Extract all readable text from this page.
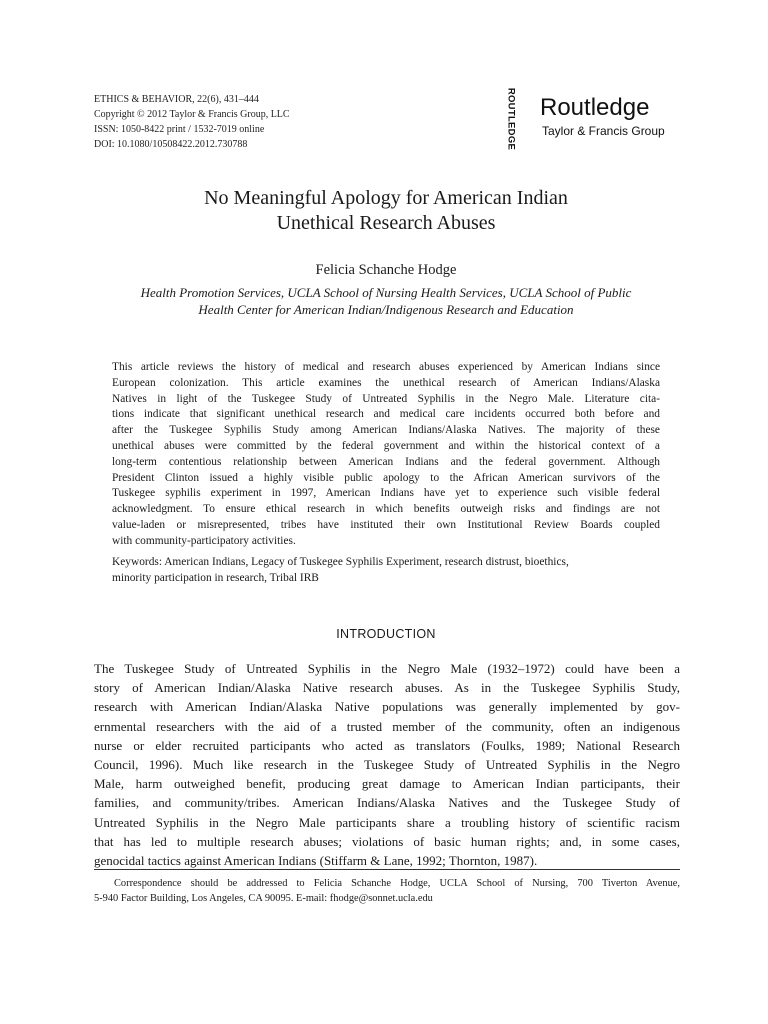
ETHICS & BEHAVIOR, 22(6), 431–444
Copyright © 2012 Taylor & Francis Group, LLC
ISSN: 1050-8422 print / 1532-7019 online
DOI: 10.1080/10508422.2012.730788	ROUTLEDGE Routledge
Taylor & Francis Group
No Meaningful Apology for American Indian
Unethical Research Abuses
Felicia Schanche Hodge
Health Promotion Services, UCLA School of Nursing Health Services, UCLA School of Public
Health Center for American Indian/Indigenous Research and Education
This article reviews the history of medical and research abuses experienced by American Indians since
European colonization. This article examines the unethical research of American Indians/Alaska
Natives in light of the Tuskegee Study of Untreated Syphilis in the Negro Male. Literature cita-
tions indicate that significant unethical research and medical care incidents occurred both before and
after the Tuskegee Syphilis Study among American Indians/Alaska Natives. The majority of these
unethical abuses were committed by the federal government and within the historical context of a
long-term contentious relationship between American Indians and the federal government. Although
President Clinton issued a highly visible public apology to the African American survivors of the
Tuskegee syphilis experiment in 1997, American Indians have yet to experience such visible federal
acknowledgment. To ensure ethical research in which benefits outweigh risks and findings are not
value-laden or misrepresented, tribes have instituted their own Institutional Review Boards coupled
with community-participatory activities.
Keywords: American Indians, Legacy of Tuskegee Syphilis Experiment, research distrust, bioethics,
minority participation in research, Tribal IRB
INTRODUCTION
The Tuskegee Study of Untreated Syphilis in the Negro Male (1932–1972) could have been a
story of American Indian/Alaska Native research abuses. As in the Tuskegee Syphilis Study,
research with American Indian/Alaska Native populations was generally implemented by gov-
ernmental researchers with the aid of a trusted member of the community, often an indigenous
nurse or elder recruited participants who acted as translators (Foulks, 1989; National Research
Council, 1996). Much like research in the Tuskegee Study of Untreated Syphilis in the Negro
Male, harm outweighed benefit, producing great damage to American Indian participants, their
families, and community/tribes. American Indians/Alaska Natives and the Tuskegee Study of
Untreated Syphilis in the Negro Male participants share a troubling history of scientific racism
that has led to multiple research abuses; violations of basic human rights; and, in some cases,
genocidal tactics against American Indians (Stiffarm & Lane, 1992; Thornton, 1987).
Correspondence should be addressed to Felicia Schanche Hodge, UCLA School of Nursing, 700 Tiverton Avenue,
5-940 Factor Building, Los Angeles, CA 90095. E-mail: fhodge@sonnet.ucla.edu
